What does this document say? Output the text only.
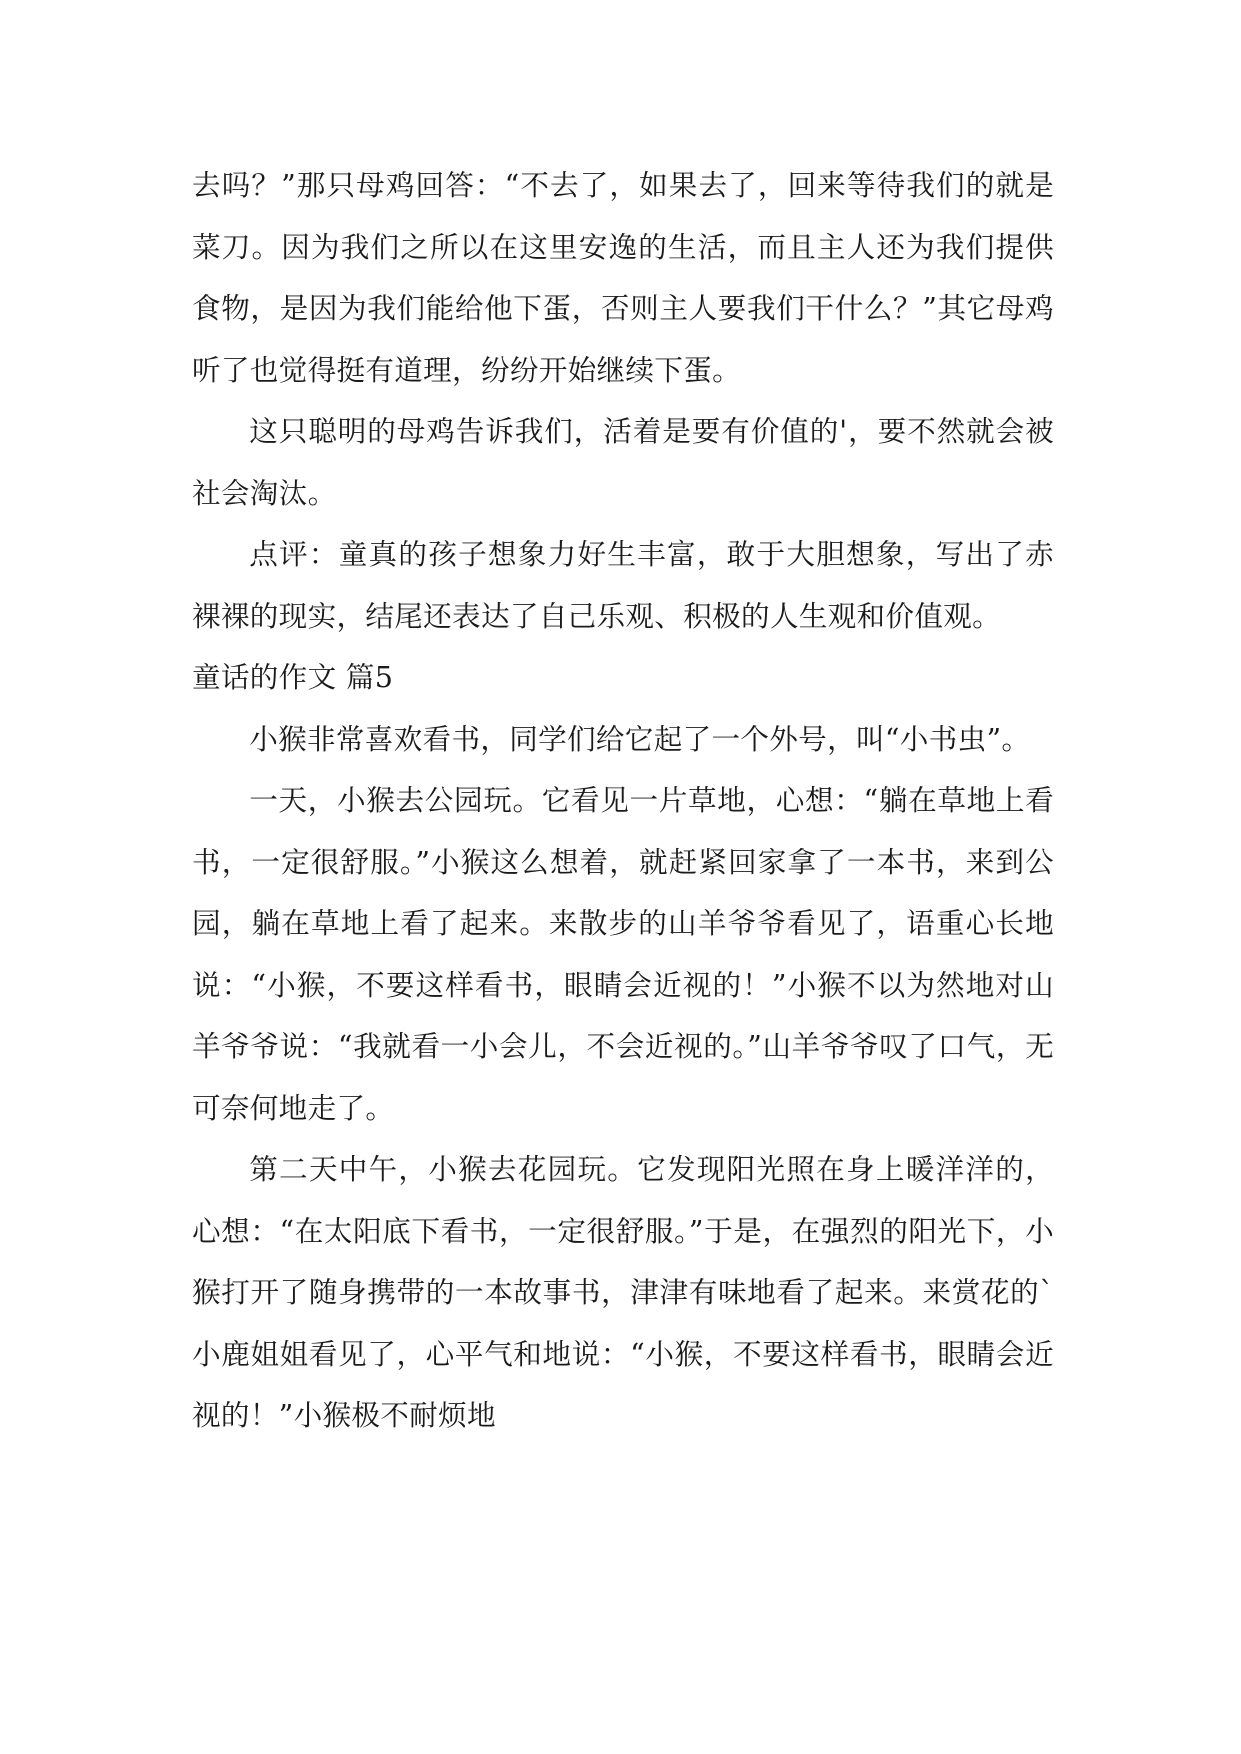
去吗？”那只母鸡回答：“不去了，如果去了，回来等待我们的就是菜刀。因为我们之所以在这里安逸的生活，而且主人还为我们提供食物，是因为我们能给他下蛋，否则主人要我们干什么？”其它母鸡听了也觉得挺有道理，纷纷开始继续下蛋。

这只聪明的母鸡告诉我们，活着是要有价值的'，要不然就会被社会淘汰。

点评：童真的孩子想象力好生丰富，敢于大胆想象，写出了赤裸裸的现实，结尾还表达了自己乐观、积极的人生观和价值观。

童话的作文 篇5

小猴非常喜欢看书，同学们给它起了一个外号，叫“小书虫”。

一天，小猴去公园玩。它看见一片草地，心想：“躺在草地上看书，一定很舒服。”小猴这么想着，就赶紧回家拿了一本书，来到公园，躺在草地上看了起来。来散步的山羊爷爷看见了，语重心长地说：“小猴，不要这样看书，眼睛会近视的！”小猴不以为然地对山羊爷爷说：“我就看一小会儿，不会近视的。”山羊爷爷叹了口气，无可奈何地走了。

第二天中午，小猴去花园玩。它发现阳光照在身上暖洋洋的，心想：“在太阳底下看书，一定很舒服。”于是，在强烈的阳光下，小猴打开了随身携带的一本故事书，津津有味地看了起来。来赏花的`小鹿姐姐看见了，心平气和地说：“小猴，不要这样看书，眼睛会近视的！”小猴极不耐烦地
